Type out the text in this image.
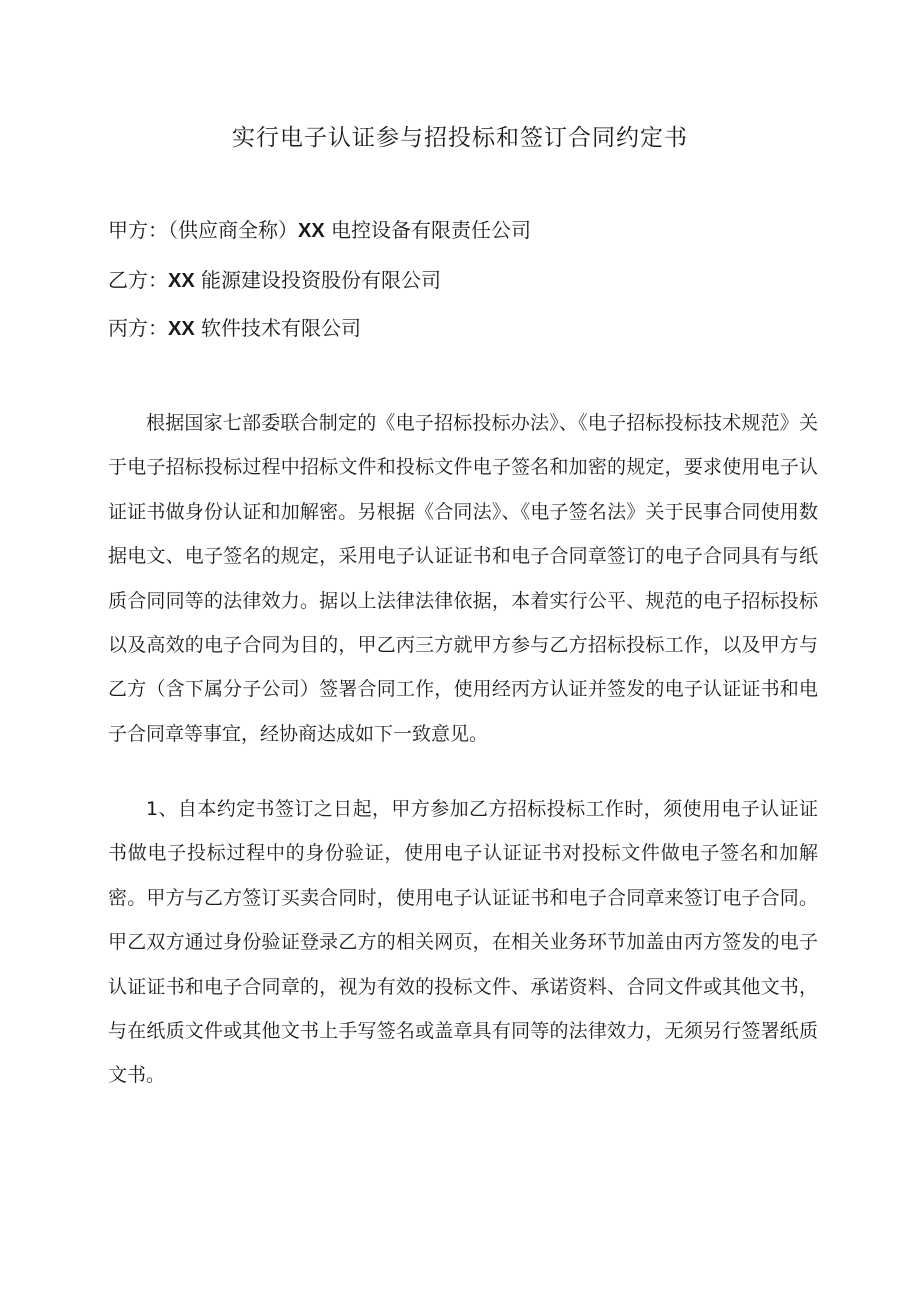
实行电子认证参与招投标和签订合同约定书
甲方：（供应商全称）XX 电控设备有限责任公司
乙方：XX 能源建设投资股份有限公司
丙方：XX 软件技术有限公司

根据国家七部委联合制定的《电子招标投标办法》、《电子招标投标技术规范》关于电子招标投标过程中招标文件和投标文件电子签名和加密的规定，要求使用电子认证证书做身份认证和加解密。另根据《合同法》、《电子签名法》关于民事合同使用数据电文、电子签名的规定，采用电子认证证书和电子合同章签订的电子合同具有与纸质合同同等的法律效力。据以上法律法律依据，本着实行公平、规范的电子招标投标以及高效的电子合同为目的，甲乙丙三方就甲方参与乙方招标投标工作，以及甲方与乙方（含下属分子公司）签署合同工作，使用经丙方认证并签发的电子认证证书和电子合同章等事宜，经协商达成如下一致意见。

1、自本约定书签订之日起，甲方参加乙方招标投标工作时，须使用电子认证证书做电子投标过程中的身份验证，使用电子认证证书对投标文件做电子签名和加解密。甲方与乙方签订买卖合同时，使用电子认证证书和电子合同章来签订电子合同。甲乙双方通过身份验证登录乙方的相关网页，在相关业务环节加盖由丙方签发的电子认证证书和电子合同章的，视为有效的投标文件、承诺资料、合同文件或其他文书，与在纸质文件或其他文书上手写签名或盖章具有同等的法律效力，无须另行签署纸质文书。
